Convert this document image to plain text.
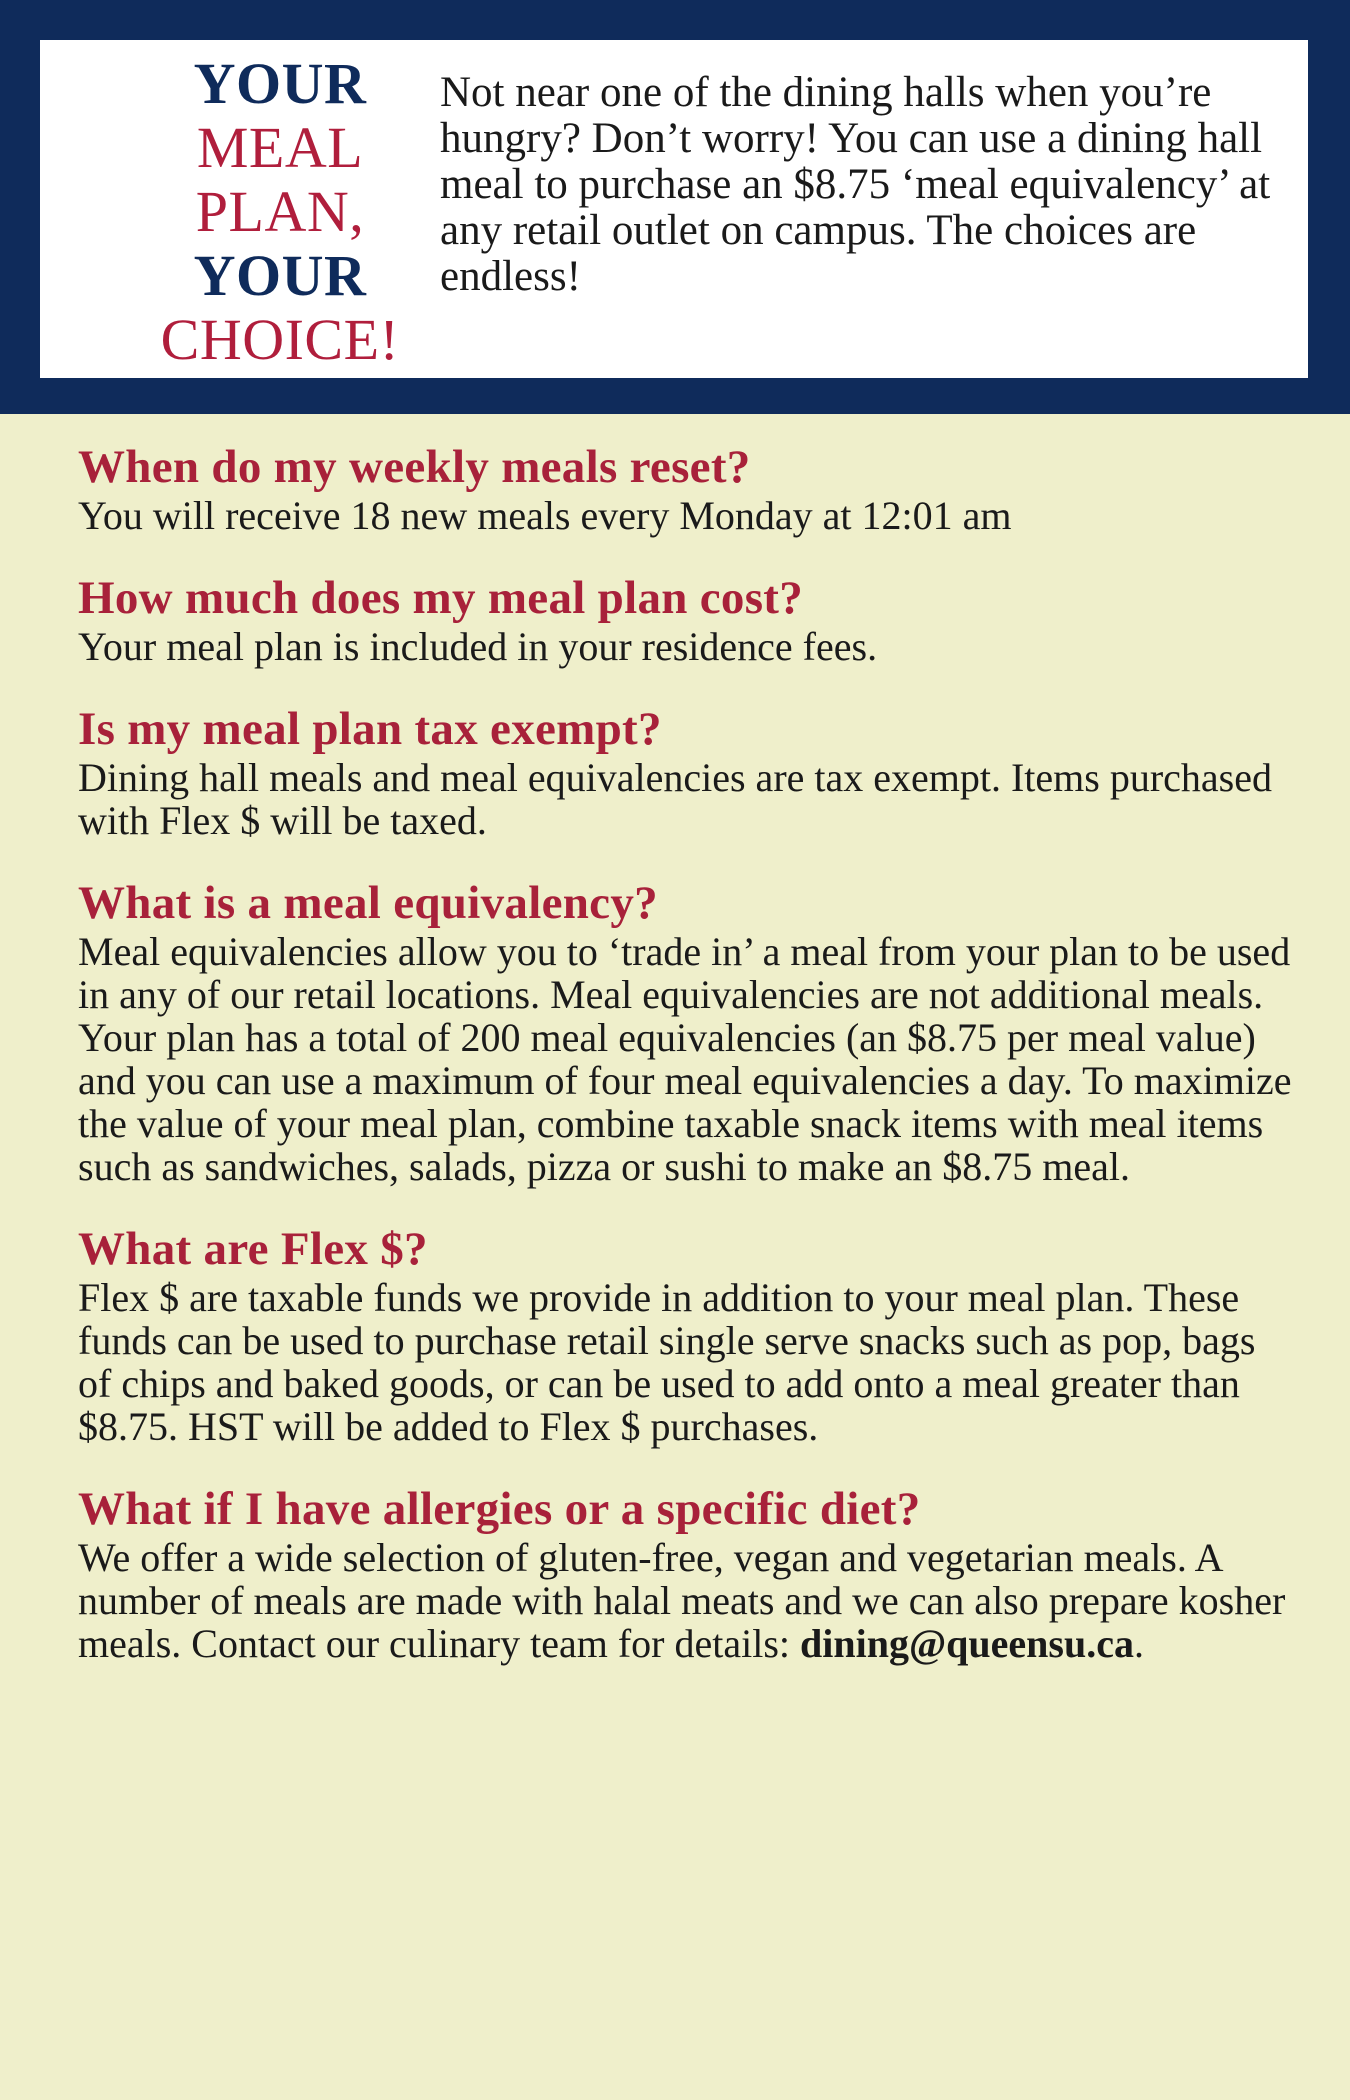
YOUR
MEAL
PLAN,
YOUR
CHOICE!
Not near one of the dining halls when you’re hungry? Don’t worry! You can use a dining hall meal to purchase an $8.75 ‘meal equivalency’ at any retail outlet on campus. The choices are endless!
When do my weekly meals reset?

You will receive 18 new meals every Monday at 12:01 am

How much does my meal plan cost?

Your meal plan is included in your residence fees.

Is my meal plan tax exempt?

Dining hall meals and meal equivalencies are tax exempt. Items purchased with Flex $ will be taxed.

What is a meal equivalency?

Meal equivalencies allow you to ‘trade in’ a meal from your plan to be used in any of our retail locations. Meal equivalencies are not additional meals. Your plan has a total of 200 meal equivalencies (an $8.75 per meal value) and you can use a maximum of four meal equivalencies a day. To maximize the value of your meal plan, combine taxable snack items with meal items such as sandwiches, salads, pizza or sushi to make an $8.75 meal.

What are Flex $?

Flex $ are taxable funds we provide in addition to your meal plan. These funds can be used to purchase retail single serve snacks such as pop, bags of chips and baked goods, or can be used to add onto a meal greater than $8.75. HST will be added to Flex $ purchases.

What if I have allergies or a specific diet?

We offer a wide selection of gluten-free, vegan and vegetarian meals. A number of meals are made with halal meats and we can also prepare kosher meals. Contact our culinary team for details: dining@queensu.ca.
